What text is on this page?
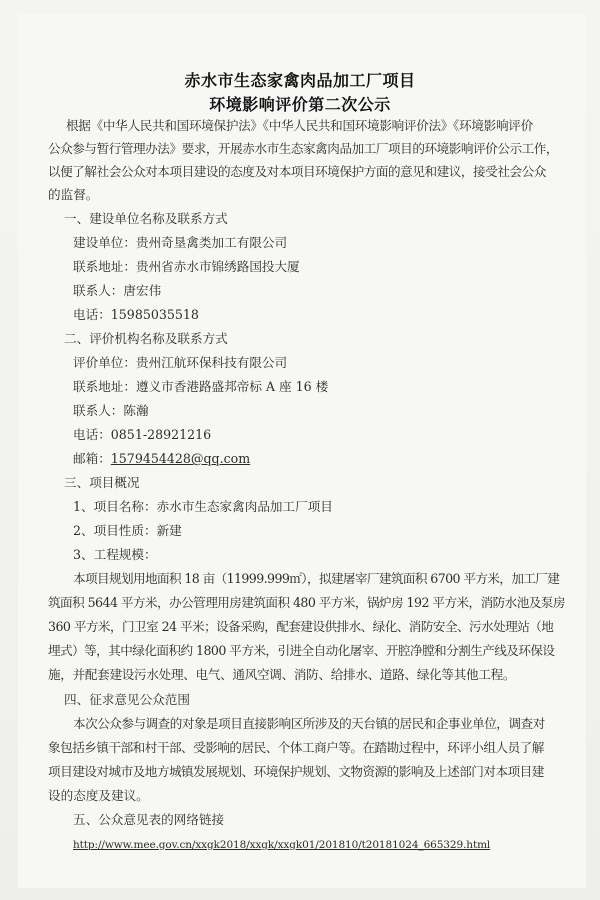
赤水市生态家禽肉品加工厂项目
环境影响评价第二次公示
根据《中华人民共和国环境保护法》《中华人民共和国环境影响评价法》《环境影响评价
公众参与暂行管理办法》要求，开展赤水市生态家禽肉品加工厂项目的环境影响评价公示工作，
以便了解社会公众对本项目建设的态度及对本项目环境保护方面的意见和建议，接受社会公众
的监督。
一、建设单位名称及联系方式
建设单位：贵州奇垦禽类加工有限公司
联系地址：贵州省赤水市锦绣路国投大厦
联系人：唐宏伟
电话：15985035518
二、评价机构名称及联系方式
评价单位：贵州江航环保科技有限公司
联系地址：遵义市香港路盛邦帝标 A 座 16 楼
联系人：陈瀚
电话：0851-28921216
邮箱：1579454428@qq.com
三、项目概况
1、项目名称：赤水市生态家禽肉品加工厂项目
2、项目性质：新建
3、工程规模：
本项目规划用地面积 18 亩（11999.999㎡），拟建屠宰厂建筑面积 6700 平方米，加工厂建
筑面积 5644 平方米，办公管理用房建筑面积 480 平方米，锅炉房 192 平方米，消防水池及泵房
360 平方米，门卫室 24 平米；设备采购，配套建设供排水、绿化、消防安全、污水处理站（地
埋式）等，其中绿化面积约 1800 平方米，引进全自动化屠宰、开腔净膛和分割生产线及环保设
施，并配套建设污水处理、电气、通风空调、消防、给排水、道路、绿化等其他工程。
四、征求意见公众范围
本次公众参与调查的对象是项目直接影响区所涉及的天台镇的居民和企事业单位，调查对
象包括乡镇干部和村干部、受影响的居民、个体工商户等。在踏勘过程中，环评小组人员了解
项目建设对城市及地方城镇发展规划、环境保护规划、文物资源的影响及上述部门对本项目建
设的态度及建议。
五、公众意见表的网络链接
http://www.mee.gov.cn/xxgk2018/xxgk/xxgk01/201810/t20181024_665329.html
